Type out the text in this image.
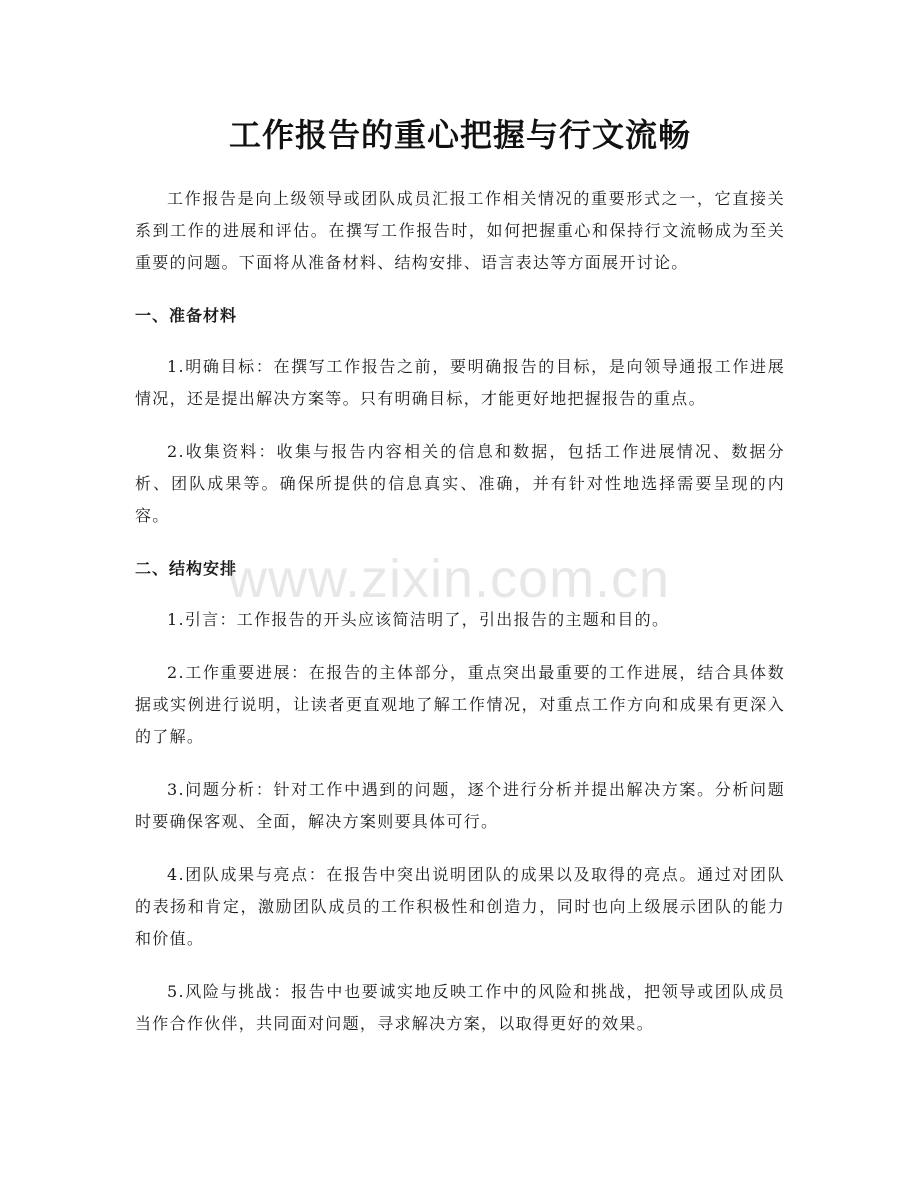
工作报告的重心把握与行文流畅

工作报告是向上级领导或团队成员汇报工作相关情况的重要形式之一，它直接关系到工作的进展和评估。在撰写工作报告时，如何把握重心和保持行文流畅成为至关重要的问题。下面将从准备材料、结构安排、语言表达等方面展开讨论。

一、准备材料

1.明确目标：在撰写工作报告之前，要明确报告的目标，是向领导通报工作进展情况，还是提出解决方案等。只有明确目标，才能更好地把握报告的重点。

2.收集资料：收集与报告内容相关的信息和数据，包括工作进展情况、数据分析、团队成果等。确保所提供的信息真实、准确，并有针对性地选择需要呈现的内容。

二、结构安排

1.引言：工作报告的开头应该简洁明了，引出报告的主题和目的。

2.工作重要进展：在报告的主体部分，重点突出最重要的工作进展，结合具体数据或实例进行说明，让读者更直观地了解工作情况，对重点工作方向和成果有更深入的了解。

3.问题分析：针对工作中遇到的问题，逐个进行分析并提出解决方案。分析问题时要确保客观、全面，解决方案则要具体可行。

4.团队成果与亮点：在报告中突出说明团队的成果以及取得的亮点。通过对团队的表扬和肯定，激励团队成员的工作积极性和创造力，同时也向上级展示团队的能力和价值。

5.风险与挑战：报告中也要诚实地反映工作中的风险和挑战，把领导或团队成员当作合作伙伴，共同面对问题，寻求解决方案，以取得更好的效果。

www.zixin.com.cn
